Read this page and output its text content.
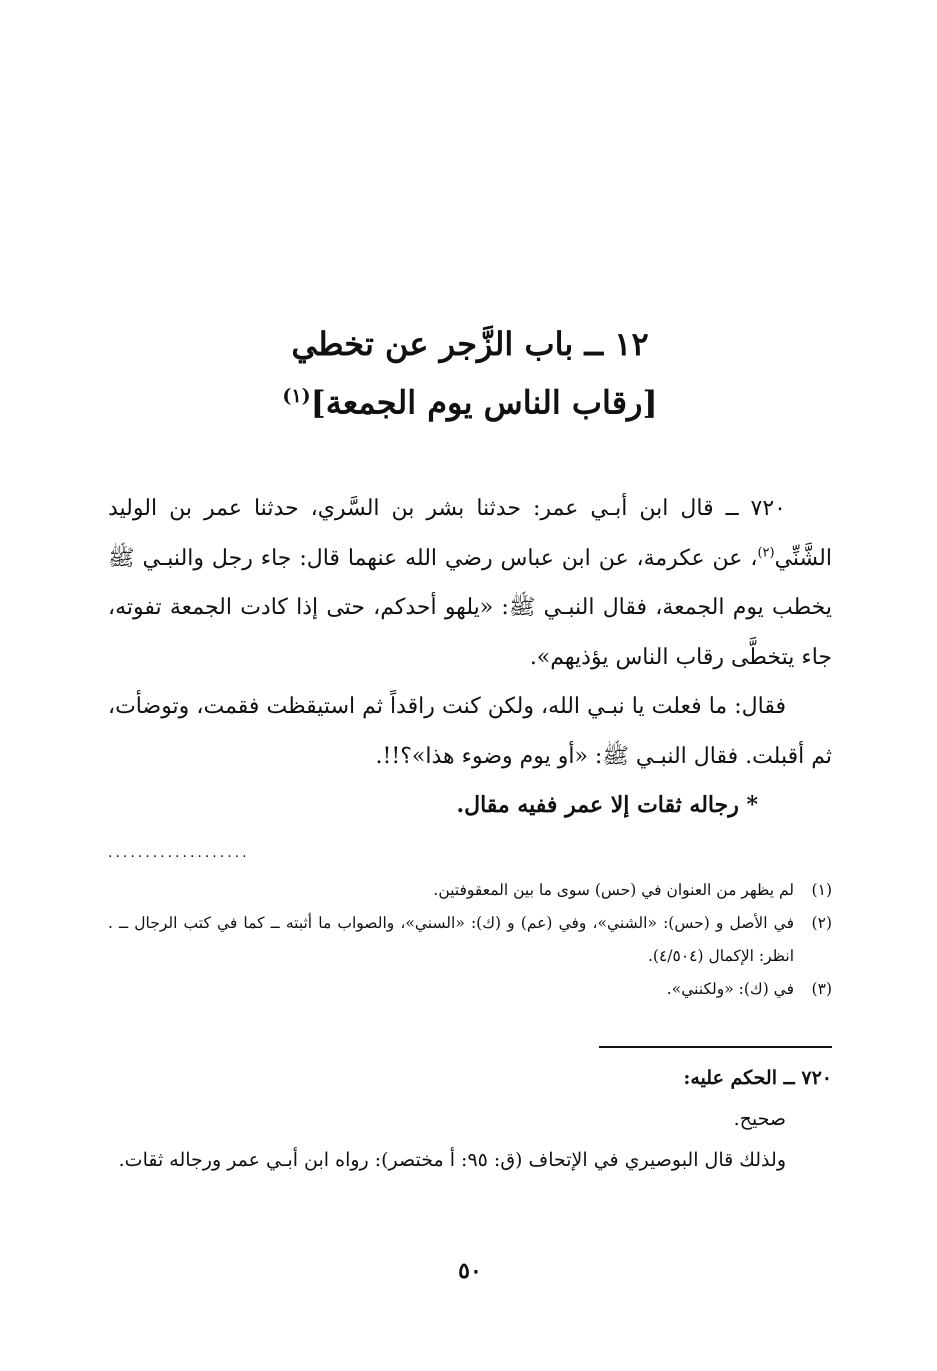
١٢ ــ باب الزَّجر عن تخطي
[رقاب الناس يوم الجمعة]$^{(١)}$

٧٢٠ ــ قال ابن أبـي عمر: حدثنا بشر بن السَّري، حدثنا عمر بن الوليد الشَّنِّي$^{(٢)}$، عن عكرمة، عن ابن عباس رضي الله عنهما قال: جاء رجل والنبـي ﷺ يخطب يوم الجمعة، فقال النبـي ﷺ: «يلهو أحدكم، حتى إذا كادت الجمعة تفوته، جاء يتخطَّى رقاب الناس يؤذيهم».

فقال: ما فعلت يا نبـي الله، ولكن كنت راقداً ثم استيقظت فقمت، وتوضأت، ثم أقبلت. فقال النبـي ﷺ: «أو يوم وضوء هذا»؟!!.

* رجاله ثقات إلا عمر ففيه مقال.

...................
(١)
لم يظهر من العنوان في (حس) سوى ما بين المعقوفتين.
(٢)
في الأصل و (حس): «الشني»، وفي (عم) و (ك): «السني»، والصواب ما أثبته ــ كما في كتب الرجال ــ . انظر: الإكمال (٤/٥٠٤).
(٣)
في (ك): «ولكنني».

٧٢٠ ــ الحكم عليه:

صحيح.

ولذلك قال البوصيري في الإتحاف (ق: ٩٥: أ مختصر): رواه ابن أبـي عمر ورجاله ثقات.

٥٠
